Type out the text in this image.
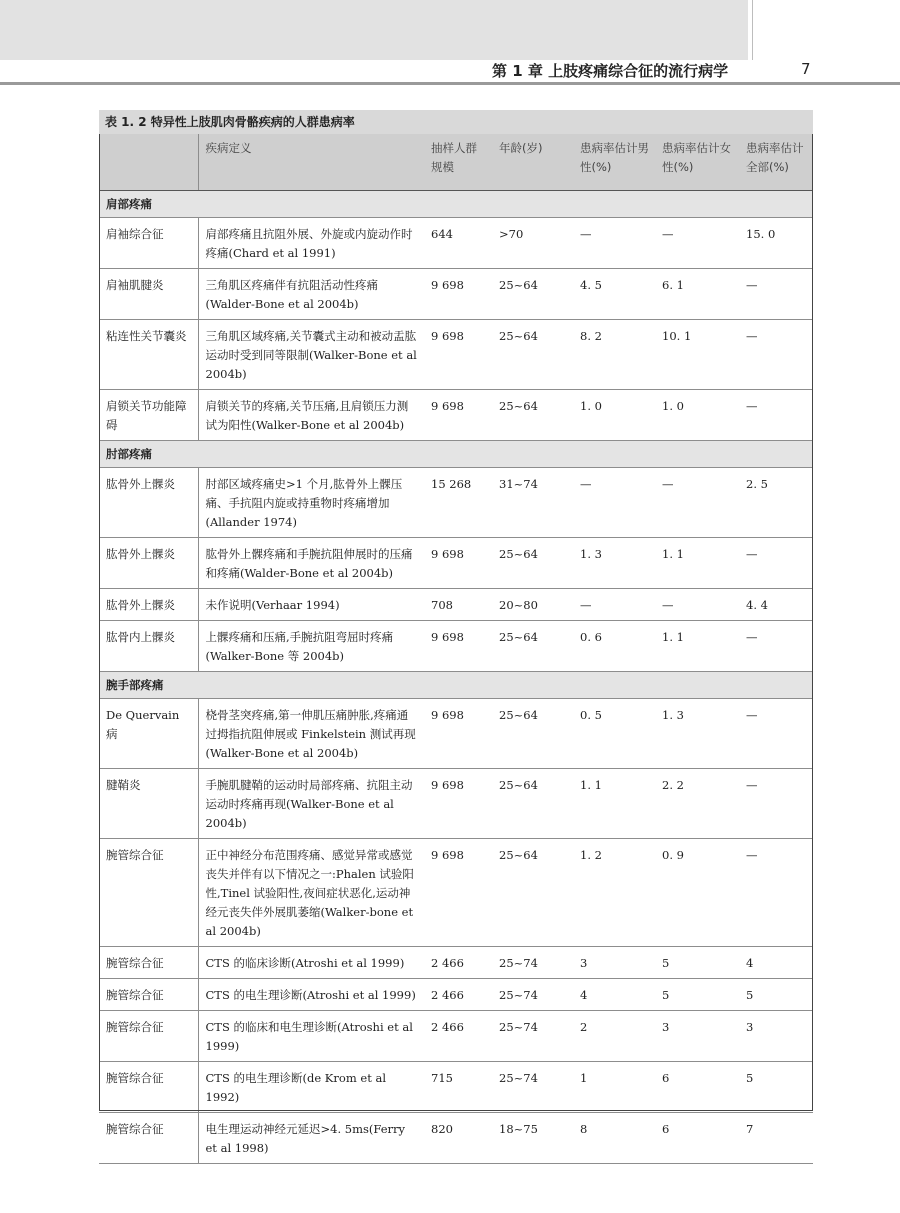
第 1 章 上肢疼痛综合征的流行病学	7
表 1. 2 特异性上肢肌肉骨骼疾病的人群患病率
	疾病定义	抽样人群规模	年龄(岁)	患病率估计男性(%)	患病率估计女性(%)	患病率估计全部(%)
肩部疼痛						
肩袖综合征	肩部疼痛且抗阻外展、外旋或内旋动作时疼痛(Chard et al 1991)	644	>70	—	—	15. 0
肩袖肌腱炎	三角肌区疼痛伴有抗阻活动性疼痛(Walder-Bone et al 2004b)	9 698	25~64	4. 5	6. 1	—
粘连性关节囊炎	三角肌区域疼痛,关节囊式主动和被动盂肱运动时受到同等限制(Walker-Bone et al 2004b)	9 698	25~64	8. 2	10. 1	—
肩锁关节功能障碍	肩锁关节的疼痛,关节压痛,且肩锁压力测试为阳性(Walker-Bone et al 2004b)	9 698	25~64	1. 0	1. 0	—
肘部疼痛						
肱骨外上髁炎	肘部区域疼痛史>1 个月,肱骨外上髁压痛、手抗阻内旋或持重物时疼痛增加(Allander 1974)	15 268	31~74	—	—	2. 5
肱骨外上髁炎	肱骨外上髁疼痛和手腕抗阻伸展时的压痛和疼痛(Walder-Bone et al 2004b)	9 698	25~64	1. 3	1. 1	—
肱骨外上髁炎	未作说明(Verhaar 1994)	708	20~80	—	—	4. 4
肱骨内上髁炎	上髁疼痛和压痛,手腕抗阻弯屈时疼痛(Walker-Bone 等 2004b)	9 698	25~64	0. 6	1. 1	—
腕手部疼痛						
De Quervain 病	桡骨茎突疼痛,第一伸肌压痛肿胀,疼痛通过拇指抗阻伸展或 Finkelstein 测试再现(Walker-Bone et al 2004b)	9 698	25~64	0. 5	1. 3	—
腱鞘炎	手腕肌腱鞘的运动时局部疼痛、抗阻主动运动时疼痛再现(Walker-Bone et al 2004b)	9 698	25~64	1. 1	2. 2	—
腕管综合征	正中神经分布范围疼痛、感觉异常或感觉丧失并伴有以下情况之一:Phalen 试验阳性,Tinel 试验阳性,夜间症状恶化,运动神经元丧失伴外展肌萎缩(Walker-bone et al 2004b)	9 698	25~64	1. 2	0. 9	—
腕管综合征	CTS 的临床诊断(Atroshi et al 1999)	2 466	25~74	3	5	4
腕管综合征	CTS 的电生理诊断(Atroshi et al 1999)	2 466	25~74	4	5	5
腕管综合征	CTS 的临床和电生理诊断(Atroshi et al 1999)	2 466	25~74	2	3	3
腕管综合征	CTS 的电生理诊断(de Krom et al 1992)	715	25~74	1	6	5
腕管综合征	电生理运动神经元延迟>4. 5ms(Ferry et al 1998)	820	18~75	8	6	7
